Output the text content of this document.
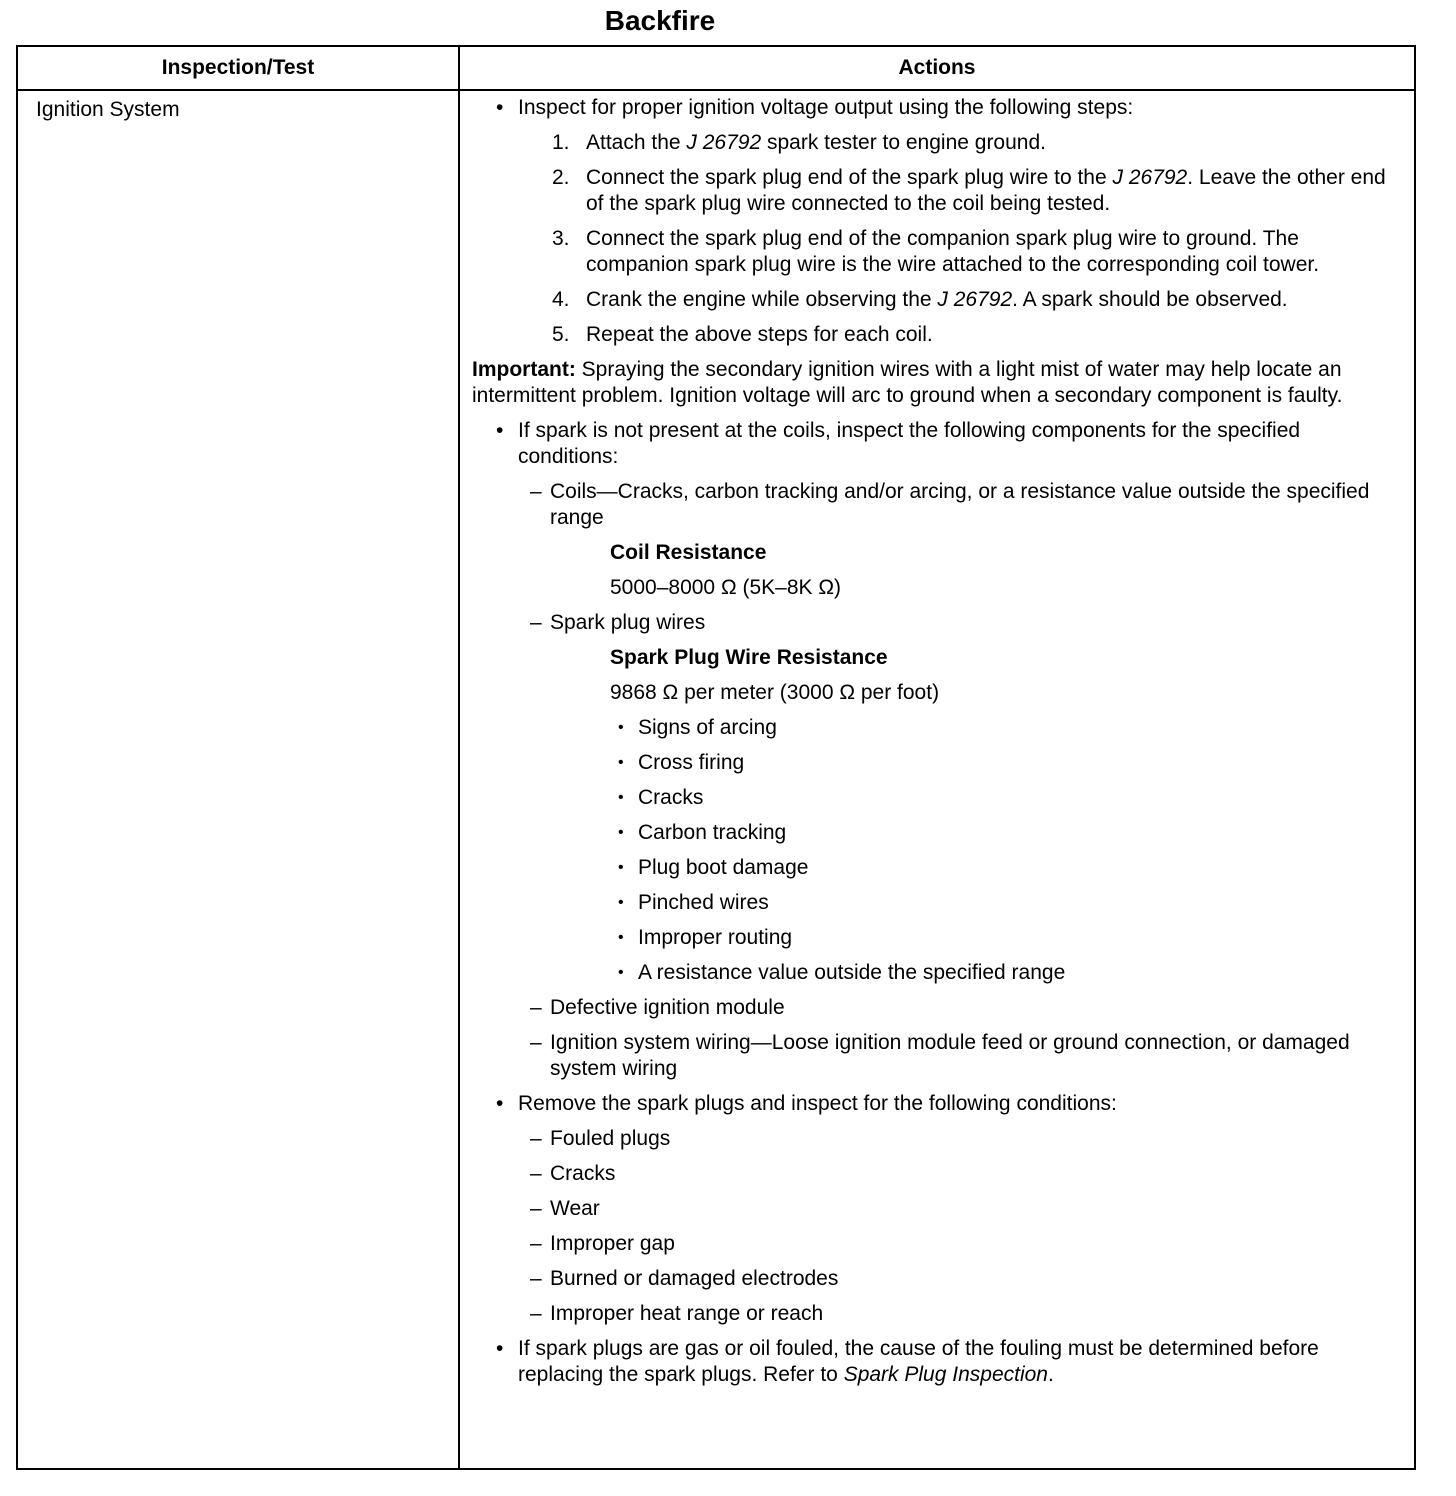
Backfire
Inspection/Test	Actions
Ignition System	• Inspect for proper ignition voltage output using the following steps:
1. Attach the J 26792 spark tester to engine ground.
2. Connect the spark plug end of the spark plug wire to the J 26792. Leave the other end of the spark plug wire connected to the coil being tested.
3. Connect the spark plug end of the companion spark plug wire to ground. The companion spark plug wire is the wire attached to the corresponding coil tower.
4. Crank the engine while observing the J 26792. A spark should be observed.
5. Repeat the above steps for each coil.
Important: Spraying the secondary ignition wires with a light mist of water may help locate an intermittent problem. Ignition voltage will arc to ground when a secondary component is faulty.
• If spark is not present at the coils, inspect the following components for the specified conditions:
– Coils—Cracks, carbon tracking and/or arcing, or a resistance value outside the specified range
Coil Resistance
5000–8000 Ω (5K–8K Ω)
– Spark plug wires
Spark Plug Wire Resistance
9868 Ω per meter (3000 Ω per foot)
• Signs of arcing
• Cross firing
• Cracks
• Carbon tracking
• Plug boot damage
• Pinched wires
• Improper routing
• A resistance value outside the specified range
– Defective ignition module
– Ignition system wiring—Loose ignition module feed or ground connection, or damaged system wiring
• Remove the spark plugs and inspect for the following conditions:
– Fouled plugs
– Cracks
– Wear
– Improper gap
– Burned or damaged electrodes
– Improper heat range or reach
• If spark plugs are gas or oil fouled, the cause of the fouling must be determined before replacing the spark plugs. Refer to Spark Plug Inspection.
